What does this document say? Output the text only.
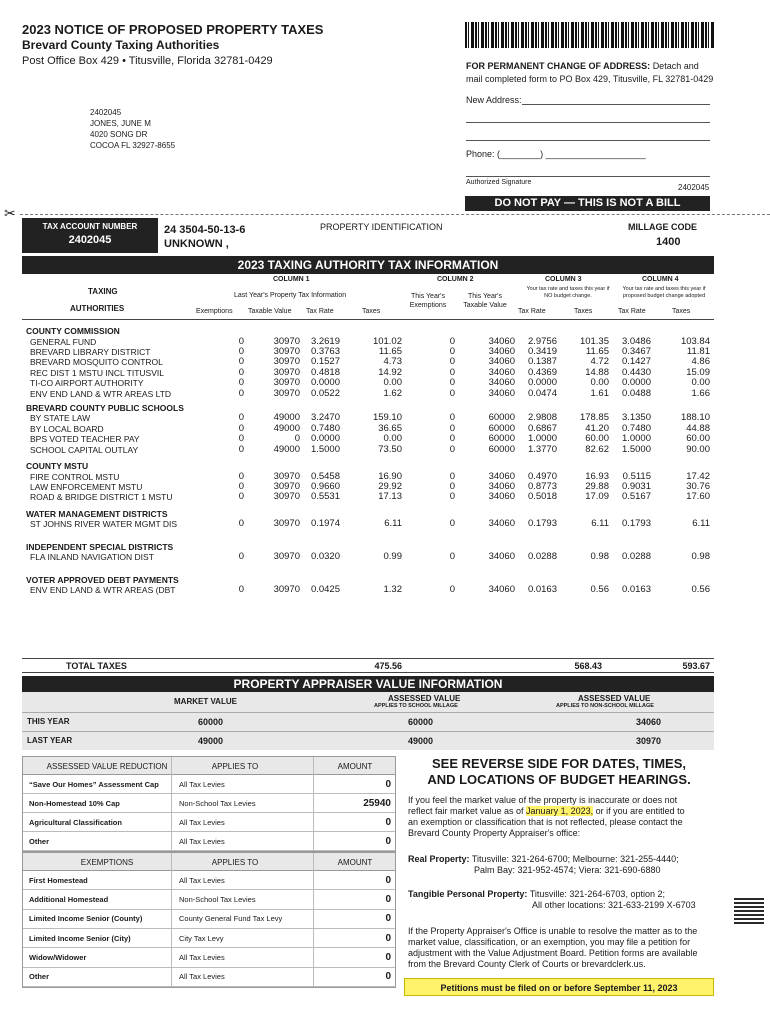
2023 NOTICE OF PROPOSED PROPERTY TAXES
Brevard County Taxing Authorities
Post Office Box 429 • Titusville, Florida 32781-0429	FOR PERMANENT CHANGE OF ADDRESS: Detach and
mail completed form to PO Box 429, Titusville, FL 32781-0429
New Address:
Phone: (________) ____________________
Authorized Signature
2402045
2402045
JONES, JUNE M
4020 SONG DR
COCOA FL 32927-8655
DO NOT PAY — THIS IS NOT A BILL
✂
TAX ACCOUNT NUMBER
2402045
24 3504-50-13-6
UNKNOWN ,
PROPERTY IDENTIFICATION	MILLAGE CODE
1400
2023 TAXING AUTHORITY TAX INFORMATION
TAXING
AUTHORITIES
COLUMN 1	COLUMN 2	COLUMN 3	COLUMN 4
Last Year's Property Tax Information	This Year's
Exemptions
This Year's
Taxable Value
Your tax rate and taxes this year if NO budget change.
Your tax rate and taxes this year if proposed budget change adopted
Exemptions Taxable Value Tax Rate	Taxes	Tax Rate	Taxes	Tax Rate	Taxes
COUNTY COMMISSION
GENERAL FUND	0	30970	3.2619	101.02	0	34060	2.9756	101.35	3.0486	103.84
BREVARD LIBRARY DISTRICT	0	30970	0.3763	11.65	0	34060	0.3419	11.65	0.3467	11.81
BREVARD MOSQUITO CONTROL	0	30970	0.1527	4.73	0	34060	0.1387	4.72	0.1427	4.86
REC DIST 1 MSTU INCL TITUSVIL	0	30970	0.4818	14.92	0	34060	0.4369	14.88	0.4430	15.09
TI-CO AIRPORT AUTHORITY	0	30970	0.0000	0.00	0	34060	0.0000	0.00	0.0000	0.00
ENV END LAND & WTR AREAS LTD	0	30970	0.0522	1.62	0	34060	0.0474	1.61	0.0488	1.66
BREVARD COUNTY PUBLIC SCHOOLS
BY STATE LAW	0	49000	3.2470	159.10	0	60000	2.9808	178.85	3.1350	188.10
BY LOCAL BOARD	0	49000	0.7480	36.65	0	60000	0.6867	41.20	0.7480	44.88
BPS VOTED TEACHER PAY	0	0	0.0000	0.00	0	60000	1.0000	60.00	1.0000	60.00
SCHOOL CAPITAL OUTLAY	0	49000	1.5000	73.50	0	60000	1.3770	82.62	1.5000	90.00
COUNTY MSTU
FIRE CONTROL MSTU	0	30970	0.5458	16.90	0	34060	0.4970	16.93	0.5115	17.42
LAW ENFORCEMENT MSTU	0	30970	0.9660	29.92	0	34060	0.8773	29.88	0.9031	30.76
ROAD & BRIDGE DISTRICT 1 MSTU	0	30970	0.5531	17.13	0	34060	0.5018	17.09	0.5167	17.60
WATER MANAGEMENT DISTRICTS
ST JOHNS RIVER WATER MGMT DIS	0	30970	0.1974	6.11	0	34060	0.1793	6.11	0.1793	6.11
INDEPENDENT SPECIAL DISTRICTS
FLA INLAND NAVIGATION DIST	0	30970	0.0320	0.99	0	34060	0.0288	0.98	0.0288	0.98
VOTER APPROVED DEBT PAYMENTS
ENV END LAND & WTR AREAS (DBT	0	30970	0.0425	1.32	0	34060	0.0163	0.56	0.0163	0.56
TOTAL TAXES	475.56	568.43	593.67
PROPERTY APPRAISER VALUE INFORMATION
MARKET VALUE	ASSESSED VALUE
APPLIES TO SCHOOL MILLAGE
ASSESSED VALUE
APPLIES TO NON-SCHOOL MILLAGE
THIS YEAR	60000	60000	34060
LAST YEAR	49000	49000	30970
ASSESSED VALUE REDUCTION	APPLIES TO	AMOUNT
“Save Our Homes” Assessment Cap	All Tax Levies	0
Non-Homestead 10% Cap	Non-School Tax Levies	25940
Agricultural Classification	All Tax Levies	0
Other	All Tax Levies	0
EXEMPTIONS	APPLIES TO	AMOUNT
First Homestead	All Tax Levies	0
Additional Homestead	Non-School Tax Levies	0
Limited Income Senior (County)	County General Fund Tax Levy	0
Limited Income Senior (City)	City Tax Levy	0
Widow/Widower	All Tax Levies	0
Other	All Tax Levies	0
SEE REVERSE SIDE FOR DATES, TIMES,
AND LOCATIONS OF BUDGET HEARINGS.
If you feel the market value of the property is inaccurate or does not
reflect fair market value as of January 1, 2023, or if you are entitled to
an exemption or classification that is not reflected, please contact the
Brevard County Property Appraiser's office:
Real Property: Titusville: 321-264-6700; Melbourne: 321-255-4440;
Palm Bay: 321-952-4574; Viera: 321-690-6880
Tangible Personal Property: Titusville: 321-264-6703, option 2;
All other locations: 321-633-2199 X-6703
If the Property Appraiser's Office is unable to resolve the matter as to the
market value, classification, or an exemption, you may file a petition for
adjustment with the Value Adjustment Board. Petition forms are available
from the Brevard County Clerk of Courts or brevardclerk.us.
Petitions must be filed on or before September 11, 2023
